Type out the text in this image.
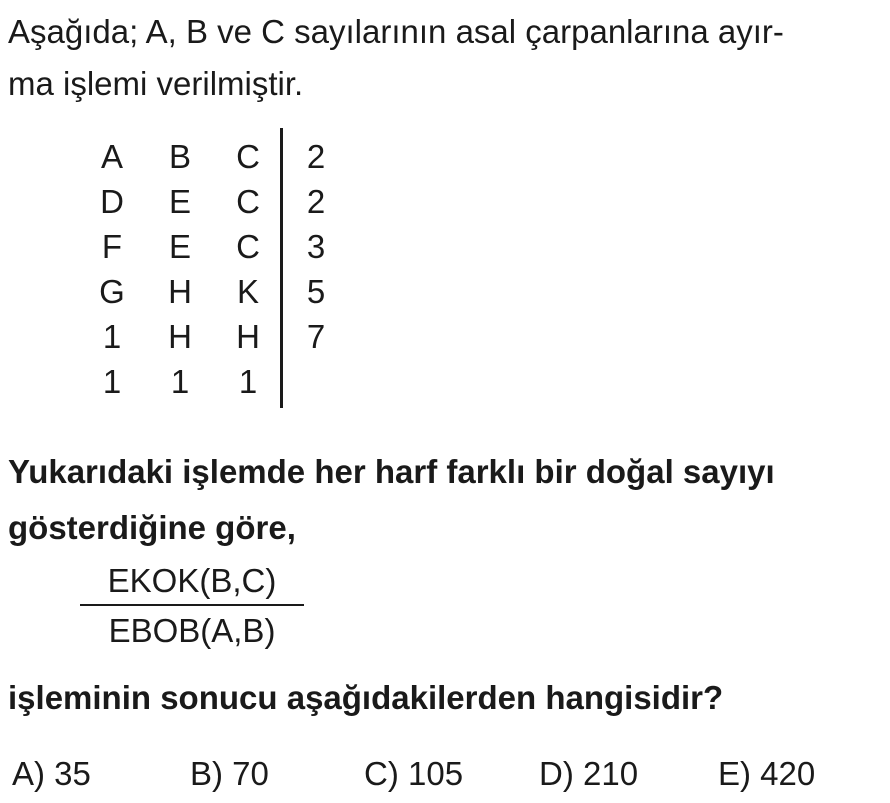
Aşağıda; A, B ve C sayılarının asal çarpanlarına ayır-
ma işlemi verilmiştir.
A B C	2
D E C	2
F	E C	3
G H K	5
1	H H	7
1	1	1
Yukarıdaki işlemde her harf farklı bir doğal sayıyı
gösterdiğine göre,
EKOK(B,C)
EBOB(A,B)
işleminin sonucu aşağıdakilerden hangisidir?
A) 35	B) 70	C) 105 D) 210 E) 420
